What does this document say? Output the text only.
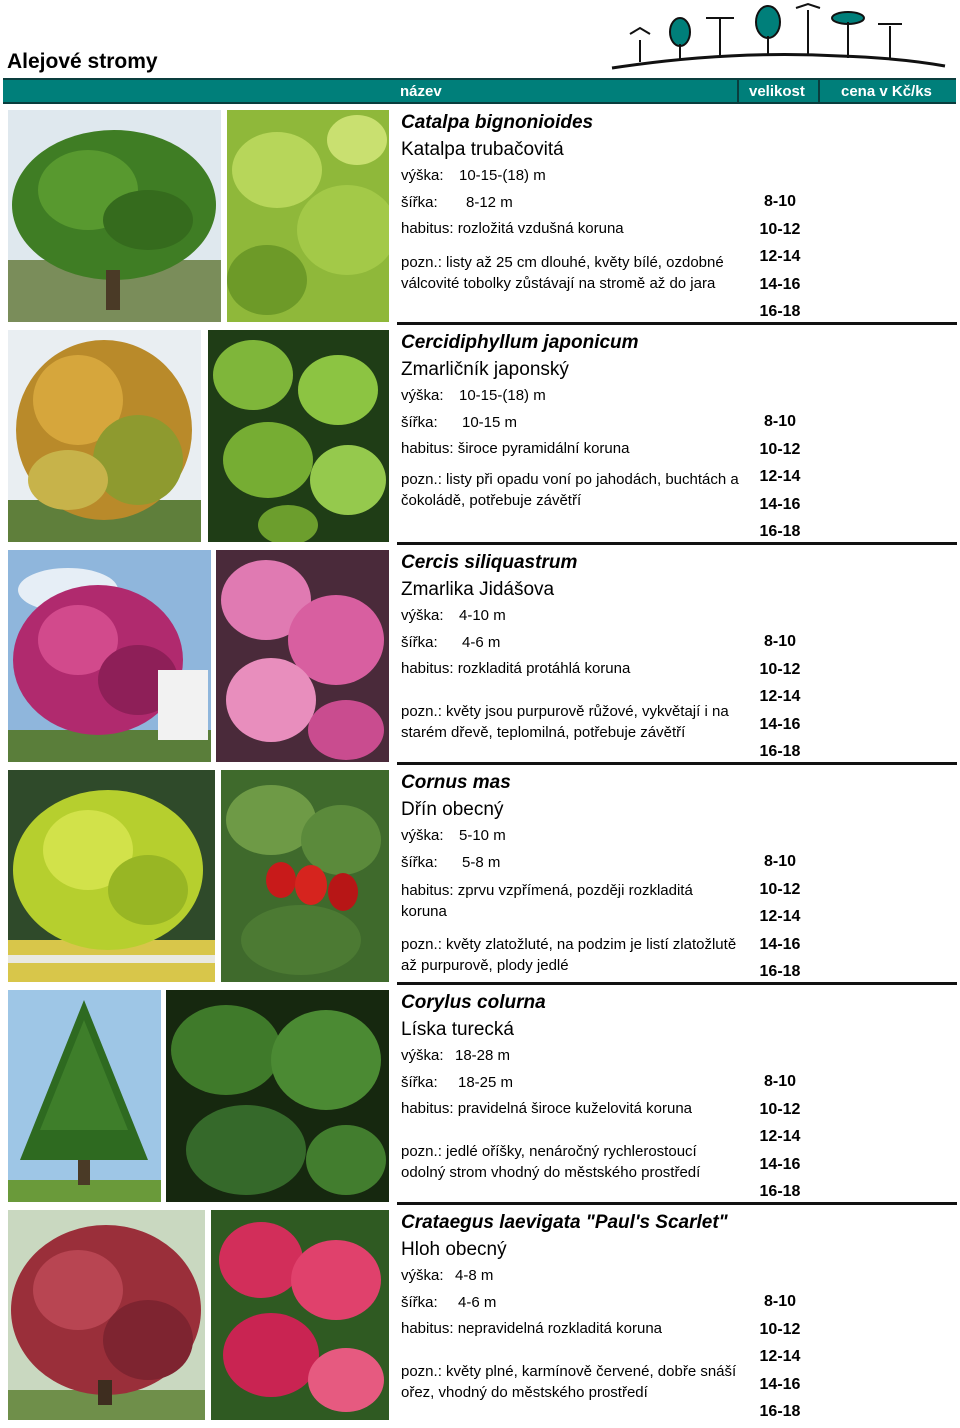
Alejové stromy
název	velikost cena v Kč/ks
Catalpa bignonioides
Katalpa trubačovitá
výška: 10-15-(18) m
šířka: 8-12 m
habitus: rozložitá vzdušná koruna
pozn.: listy až 25 cm dlouhé, květy bílé, ozdobné válcovité tobolky zůstávají na stromě až do jara
8-10
10-12
12-14
14-16
16-18
Cercidiphyllum japonicum
Zmarličník japonský
výška: 10-15-(18) m
šířka: 10-15 m
habitus: široce pyramidální koruna
pozn.: listy při opadu voní po jahodách, buchtách a čokoládě, potřebuje závětří
8-10
10-12
12-14
14-16
16-18
Cercis siliquastrum
Zmarlika Jidášova
výška: 4-10 m
šířka: 4-6 m
habitus: rozkladitá protáhlá koruna
pozn.: květy jsou purpurově růžové, vykvětají i na starém dřevě, teplomilná, potřebuje závětří
8-10
10-12
12-14
14-16
16-18
Cornus mas
Dřín obecný
výška: 5-10 m
šířka: 5-8 m
habitus: zprvu vzpřímená, později rozkladitá koruna
pozn.: květy zlatožluté, na podzim je listí zlatožlutě až purpurově, plody jedlé
8-10
10-12
12-14
14-16
16-18
Corylus colurna
Líska turecká
výška: 18-28 m
šířka: 18-25 m
habitus: pravidelná široce kuželovitá koruna
pozn.: jedlé oříšky, nenáročný rychlerostoucí odolný strom vhodný do městského prostředí
8-10
10-12
12-14
14-16
16-18
Crataegus laevigata "Paul's Scarlet"
Hloh obecný
výška: 4-8 m
šířka: 4-6 m
habitus: nepravidelná rozkladitá koruna
pozn.: květy plné, karmínově červené, dobře snáší ořez, vhodný do městského prostředí
8-10
10-12
12-14
14-16
16-18
